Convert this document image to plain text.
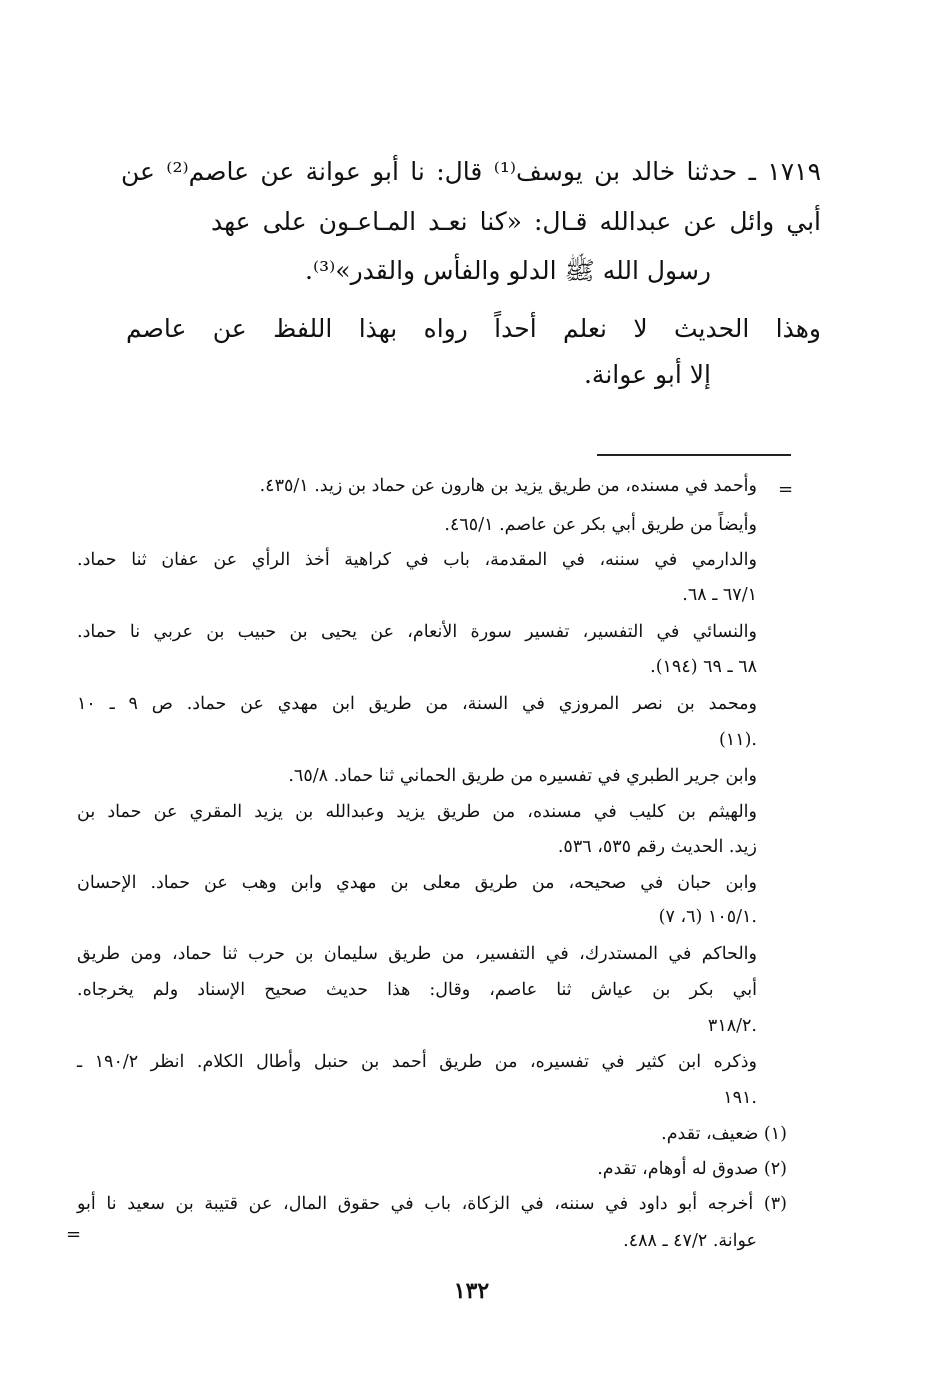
١٧١٩ ـ حدثنا خالد بن يوسف⁽¹⁾ قال: نا أبو عوانة عن عاصم⁽²⁾ عن
أبي وائل عن عبدالله قـال: «كنا نعـد المـاعـون على عهد
رسول الله ﷺ الدلو والفأس والقدر»⁽³⁾.
وهذا الحديث لا نعلم أحداً رواه بهذا اللفظ عن عاصم
إلا أبو عوانة.
=
وأحمد في مسنده، من طريق يزيد بن هارون عن حماد بن زيد. ٤٣٥/١.
وأيضاً من طريق أبي بكر عن عاصم. ٤٦٥/١.
والدارمي في سننه، في المقدمة، باب في كراهية أخذ الرأي عن عفان ثنا حماد.
٦٧/١ ـ ٦٨.
والنسائي في التفسير، تفسير سورة الأنعام، عن يحيى بن حبيب بن عربي نا حماد.
٦٨ ـ ٦٩ (١٩٤).
ومحمد بن نصر المروزي في السنة، من طريق ابن مهدي عن حماد. ص ٩ ـ ١٠
(١١).
وابن جرير الطبري في تفسيره من طريق الحماني ثنا حماد. ٦٥/٨.
والهيثم بن كليب في مسنده، من طريق يزيد وعبدالله بن يزيد المقري عن حماد بن
زيد. الحديث رقم ٥٣٥، ٥٣٦.
وابن حبان في صحيحه، من طريق معلى بن مهدي وابن وهب عن حماد. الإحسان
١٠٥/١ (٦، ٧).
والحاكم في المستدرك، في التفسير، من طريق سليمان بن حرب ثنا حماد، ومن طريق
أبي بكر بن عياش ثنا عاصم، وقال: هذا حديث صحيح الإسناد ولم يخرجاه.
٣١٨/٢.
وذكره ابن كثير في تفسيره، من طريق أحمد بن حنبل وأطال الكلام. انظر ١٩٠/٢ ـ
١٩١.
(١) ضعيف، تقدم.
(٢) صدوق له أوهام، تقدم.
(٣) أخرجه أبو داود في سننه، في الزكاة، باب في حقوق المال، عن قتيبة بن سعيد نا أبو
عوانة. ٤٧/٢ ـ ٤٨٨.
=
١٣٢
